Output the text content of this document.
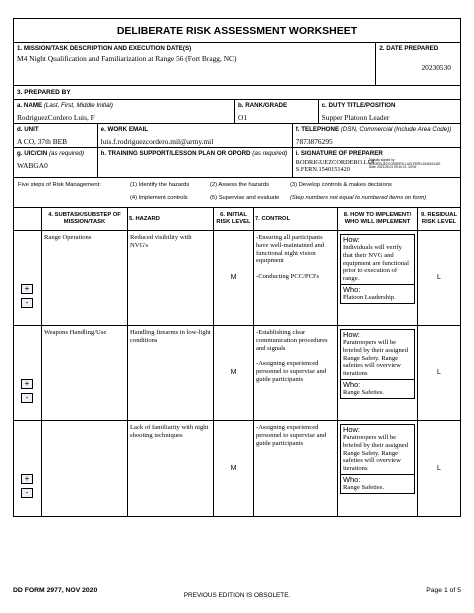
DELIBERATE RISK ASSESSMENT WORKSHEET
1. MISSION/TASK DESCRIPTION AND EXECUTION DATE(S)
M4 Night Qualification and Familiarization at Range 56 (Fort Bragg, NC)
2. DATE PREPARED
20230530
3. PREPARED BY
a. NAME (Last, First, Middle Initial)
RodriguezCordero Luis, F
b. RANK/GRADE
O1
c. DUTY TITLE/POSITION
Supper Platoon Leader
d. UNIT
A CO, 37th BEB
e. WORK EMAIL
luis.f.rodriguezcordero.mil@army.mil
f. TELEPHONE (DSN, Commercial (Include Area Code))
7873876295
g. UIC/CIN (as required)
WABGA0
h. TRAINING SUPPORT/LESSON PLAN OR OPORD (as required) i. SIGNATURE OF PREPARER
RODRIGUEZCORDERO.LUI S.FERN.1540151420
Digitally signed by
RODRIGUEZCORDERO.LUIS.FERN.1540151420
Date: 2023.06.01 09:10:21 -04'00'
Five steps of Risk Management:	(1) Identify the hazards	(2) Assess the hazards	(3) Develop controls & makes decisions
(4) Implement controls	(5) Supervise and evaluate (Step numbers not equal to numbered items on form)
4. SUBTASK/SUBSTEP OF MISSION/TASK
5. HAZARD
6. INITIAL RISK LEVEL
7. CONTROL
8. HOW TO IMPLEMENT/ WHO WILL IMPLEMENT
9. RESIDUAL RISK LEVEL
+
-
Range Operations	Reduced visibility with NVG's
M
-Ensuring all participants have well-maintained and functional night vision equipment

-Conducting PCC/PCI's
How:
Individuals will verify that their NVG and equipment are functional prior to execution of range.
Who:
Platoon Leadership.
L
+
-
Weapons Handling/Use	Handling firearms in low-light conditions
M
-Establishing clear communication procedures and signals

-Assigning experienced personnel to supervise and guide participants
How:
Paratroopers will be briefed by their assigned Range Safety. Range safeties will overview iterations
Who:
Range Safeties.
L
+
-
Lack of familiarity with night shooting techniques
M
-Assigning experienced personnel to supervise and guide participants
How:
Paratroopers will be briefed by their assigned Range Safety. Range safeties will overview iterations
Who:
Range Safeties.
L
DD FORM 2977, NOV 2020
PREVIOUS EDITION IS OBSOLETE.
Page 1 of 5
